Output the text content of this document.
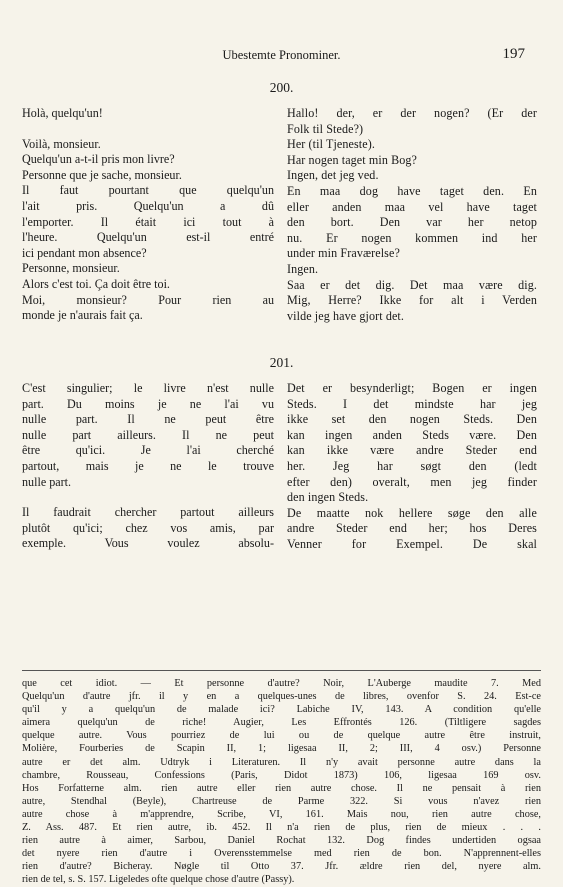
Ubestemte Pronominer.	197
200.
Holà, quelqu'un!
Voilà, monsieur.
Quelqu'un a-t-il pris mon livre?
Personne que je sache, monsieur.
Il faut pourtant que quelqu'un
l'ait pris. Quelqu'un a dû
l'emporter. Il était ici tout à
l'heure. Quelqu'un est-il entré
ici pendant mon absence?
Personne, monsieur.
Alors c'est toi. Ça doit être toi.
Moi, monsieur? Pour rien au
monde je n'aurais fait ça.
Hallo! der, er der nogen? (Er der
Folk til Stede?)
Her (til Tjeneste).
Har nogen taget min Bog?
Ingen, det jeg ved.
En maa dog have taget den. En
eller anden maa vel have taget
den bort. Den var her netop
nu. Er nogen kommen ind her
under min Fraværelse?
Ingen.
Saa er det dig. Det maa være dig.
Mig, Herre? Ikke for alt i Verden
vilde jeg have gjort det.
201.
C'est singulier; le livre n'est nulle
part. Du moins je ne l'ai vu
nulle part. Il ne peut être
nulle part ailleurs. Il ne peut
être qu'ici. Je l'ai cherché
partout, mais je ne le trouve
nulle part.
Il faudrait chercher partout ailleurs
plutôt qu'ici; chez vos amis, par
exemple. Vous voulez absolu-
Det er besynderligt; Bogen er ingen
Steds. I det mindste har jeg
ikke set den nogen Steds. Den
kan ingen anden Steds være. Den
kan ikke være andre Steder end
her. Jeg har søgt den (ledt
efter den) overalt, men jeg finder
den ingen Steds.
De maatte nok hellere søge den alle
andre Steder end her; hos Deres
Venner for Exempel. De skal
que cet idiot. — Et personne d'autre? Noir, L'Auberge maudite 7. Med
Quelqu'un d'autre jfr. il y en a quelques-unes de libres, ovenfor S. 24. Est-ce
qu'il y a quelqu'un de malade ici? Labiche IV, 143. A condition qu'elle
aimera quelqu'un de riche! Augier, Les Effrontés 126. (Tiltligere sagdes
quelque autre. Vous pourriez de lui ou de quelque autre être instruit,
Molière, Fourberies de Scapin II, 1; ligesaa II, 2; III, 4 osv.) Personne
autre er det alm. Udtryk i Literaturen. Il n'y avait personne autre dans la
chambre, Rousseau, Confessions (Paris, Didot 1873) 106, ligesaa 169 osv.
Hos Forfatterne alm. rien autre eller rien autre chose. Il ne pensait à rien
autre, Stendhal (Beyle), Chartreuse de Parme 322. Si vous n'avez rien
autre chose à m'apprendre, Scribe, VI, 161. Mais nou, rien autre chose,
Z. Ass. 487. Et rien autre, ib. 452. Il n'a rien de plus, rien de mieux . . .
rien autre à aimer, Sarbou, Daniel Rochat 132. Dog findes undertiden ogsaa
det nyere rien d'autre i Overensstemmelse med rien de bon. N'apprennent-elles
rien d'autre? Bicheray. Nøgle til Otto 37. Jfr. ældre rien del, nyere alm.
rien de tel, s. S. 157. Ligeledes ofte quelque chose d'autre (Passy).
